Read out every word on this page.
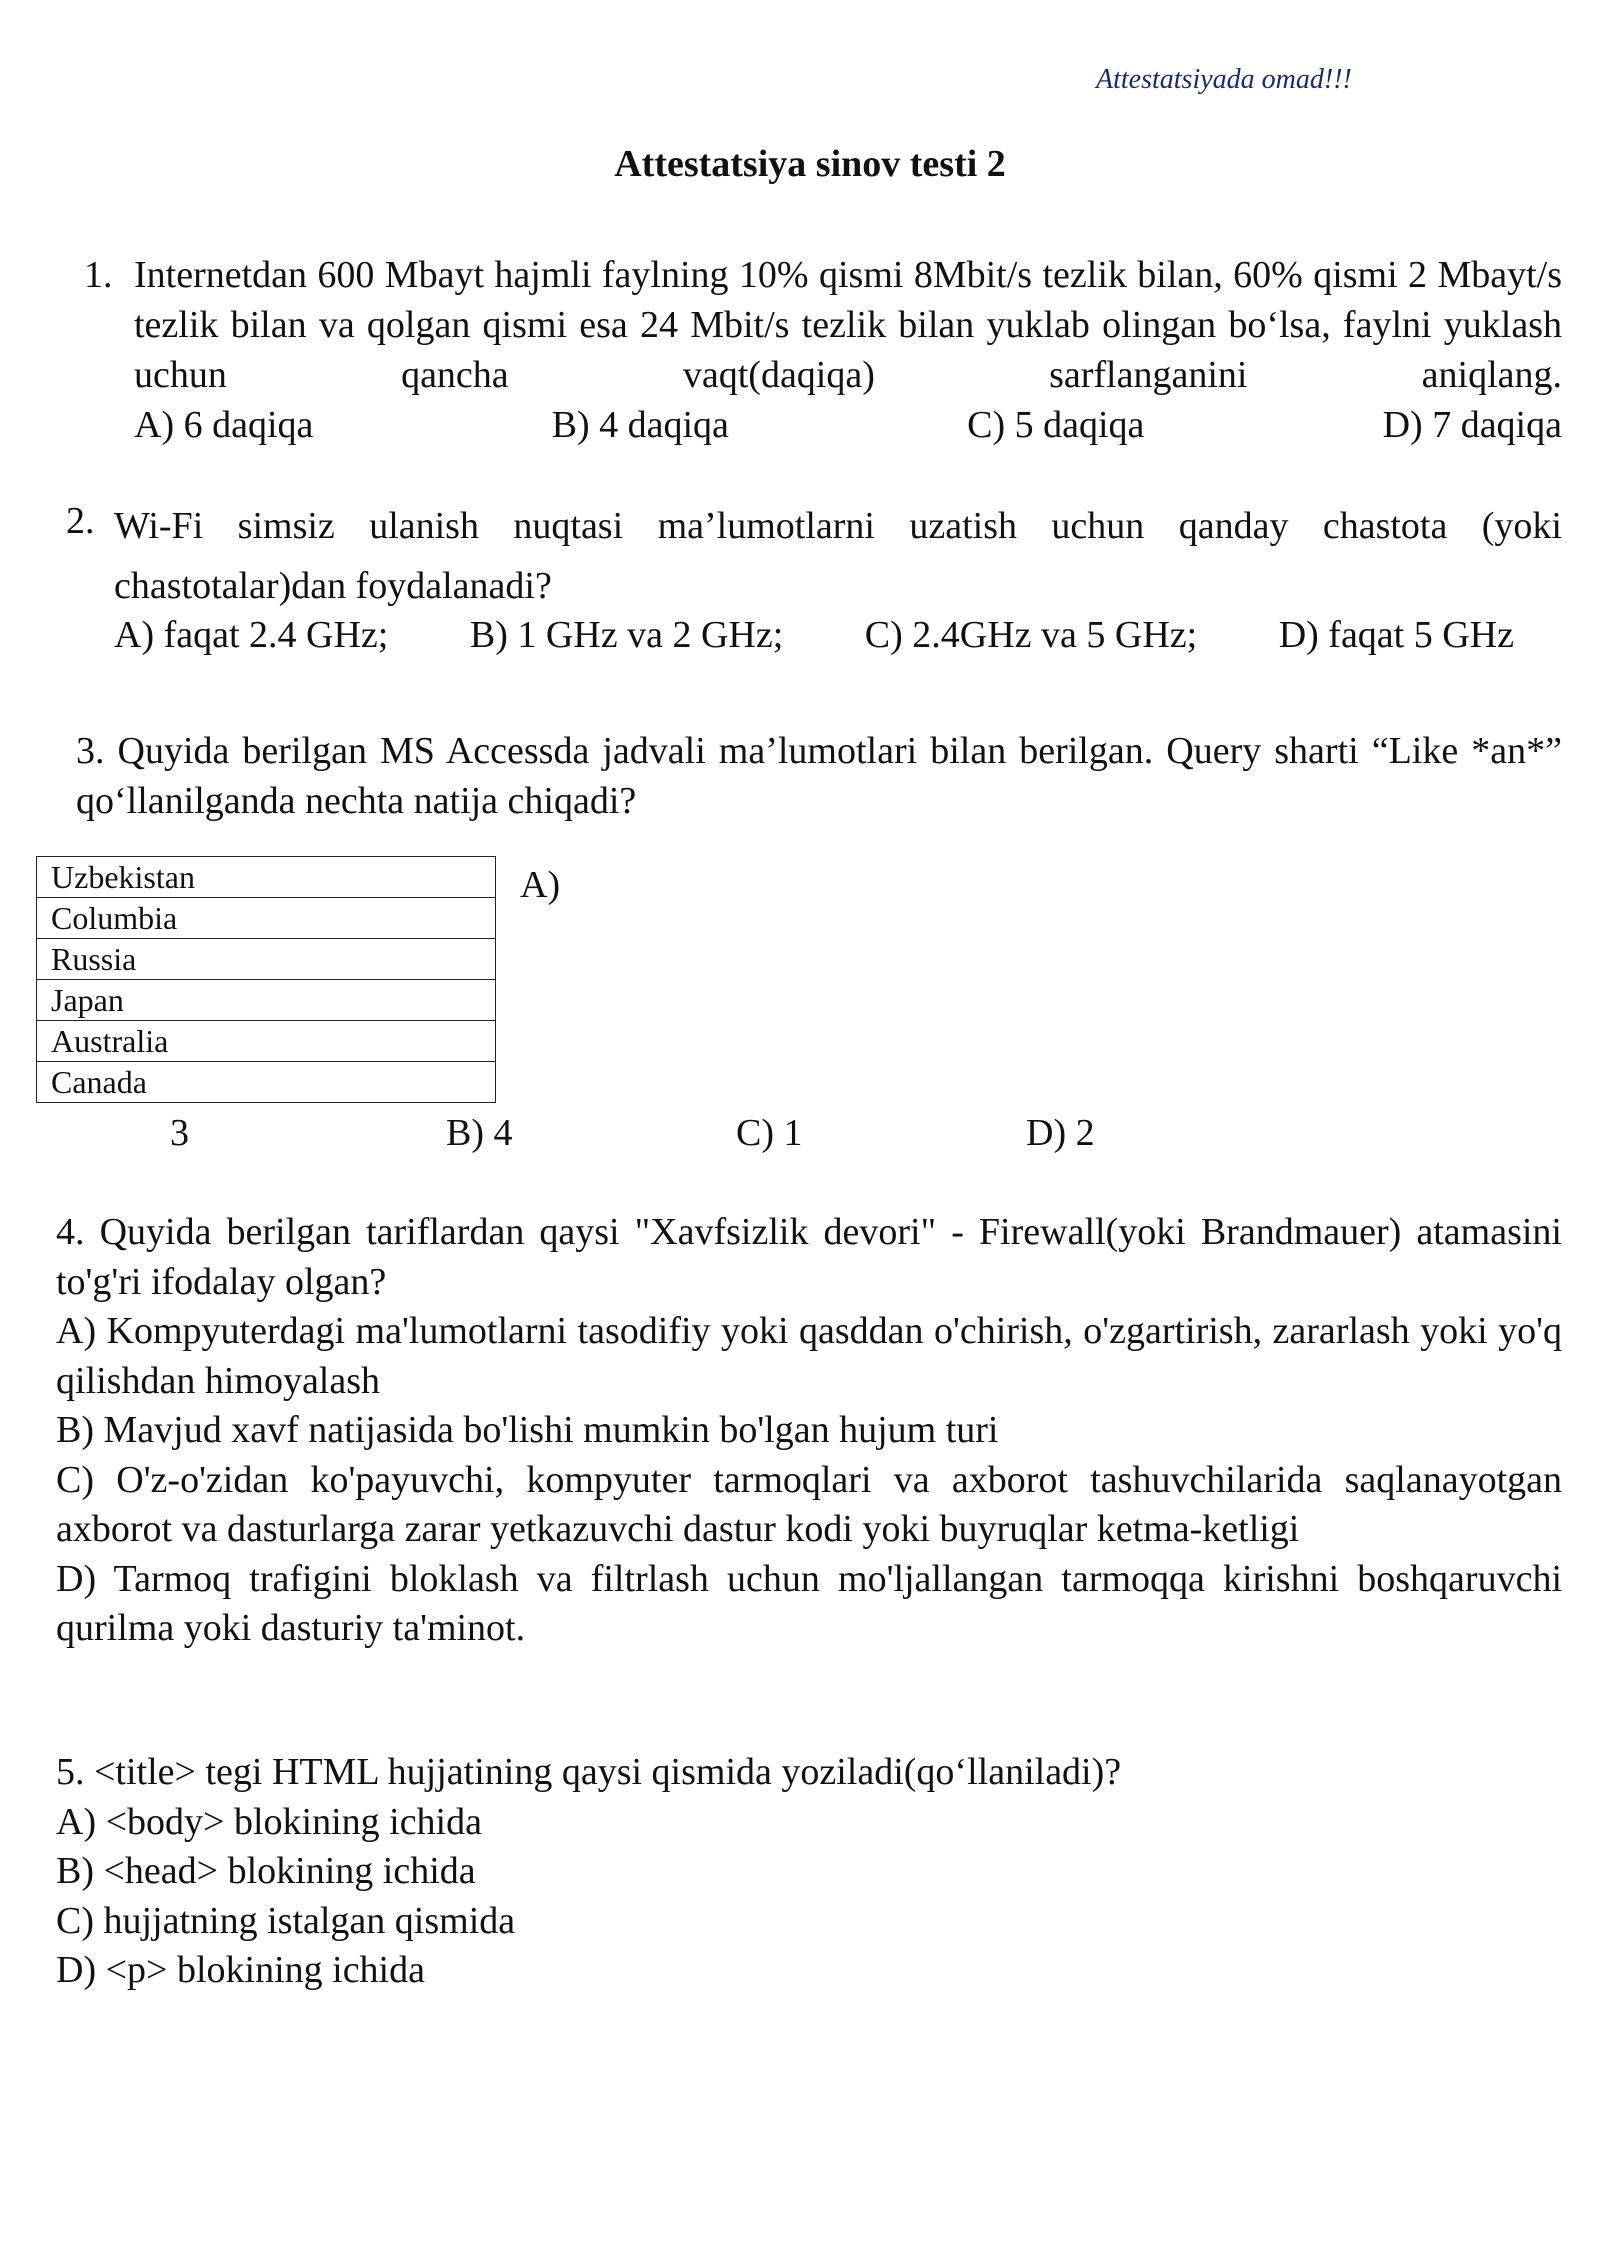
Attestatsiyada omad!!!
Attestatsiya sinov testi 2
1. Internetdan 600 Mbayt hajmli faylning 10% qismi 8Mbit/s tezlik bilan, 60% qismi 2 Mbayt/s tezlik bilan va qolgan qismi esa 24 Mbit/s tezlik bilan yuklab olingan bo‘lsa, faylni yuklash uchun qancha vaqt(daqiqa) sarflanganini aniqlang.
A) 6 daqiqa	B) 4 daqiqa	C) 5 daqiqa	D) 7 daqiqa
2. Wi-Fi simsiz ulanish nuqtasi ma’lumotlarni uzatish uchun qanday chastota (yoki chastotalar)dan foydalanadi?
A) faqat 2.4 GHz; B) 1 GHz va 2 GHz; C) 2.4GHz va 5 GHz; D) faqat 5 GHz
3. Quyida berilgan MS Accessda jadvali ma’lumotlari bilan berilgan. Query sharti “Like *an*” qo‘llanilganda nechta natija chiqadi?
Uzbekistan
Columbia
Russia
Japan
Australia
Canada
A)
3	B) 4	C) 1	D) 2
4. Quyida berilgan tariflardan qaysi "Xavfsizlik devori" - Firewall(yoki Brandmauer) atamasini to'g'ri ifodalay olgan?
A) Kompyuterdagi ma'lumotlarni tasodifiy yoki qasddan o'chirish, o'zgartirish, zararlash yoki yo'q qilishdan himoyalash
B) Mavjud xavf natijasida bo'lishi mumkin bo'lgan hujum turi
C) O'z-o'zidan ko'payuvchi, kompyuter tarmoqlari va axborot tashuvchilarida saqlanayotgan axborot va dasturlarga zarar yetkazuvchi dastur kodi yoki buyruqlar ketma-ketligi
D) Tarmoq trafigini bloklash va filtrlash uchun mo'ljallangan tarmoqqa kirishni boshqaruvchi qurilma yoki dasturiy ta'minot.
5. <title> tegi HTML hujjatining qaysi qismida yoziladi(qo‘llaniladi)?
A) <body> blokining ichida
B) <head> blokining ichida
C) hujjatning istalgan qismida
D) <p> blokining ichida
